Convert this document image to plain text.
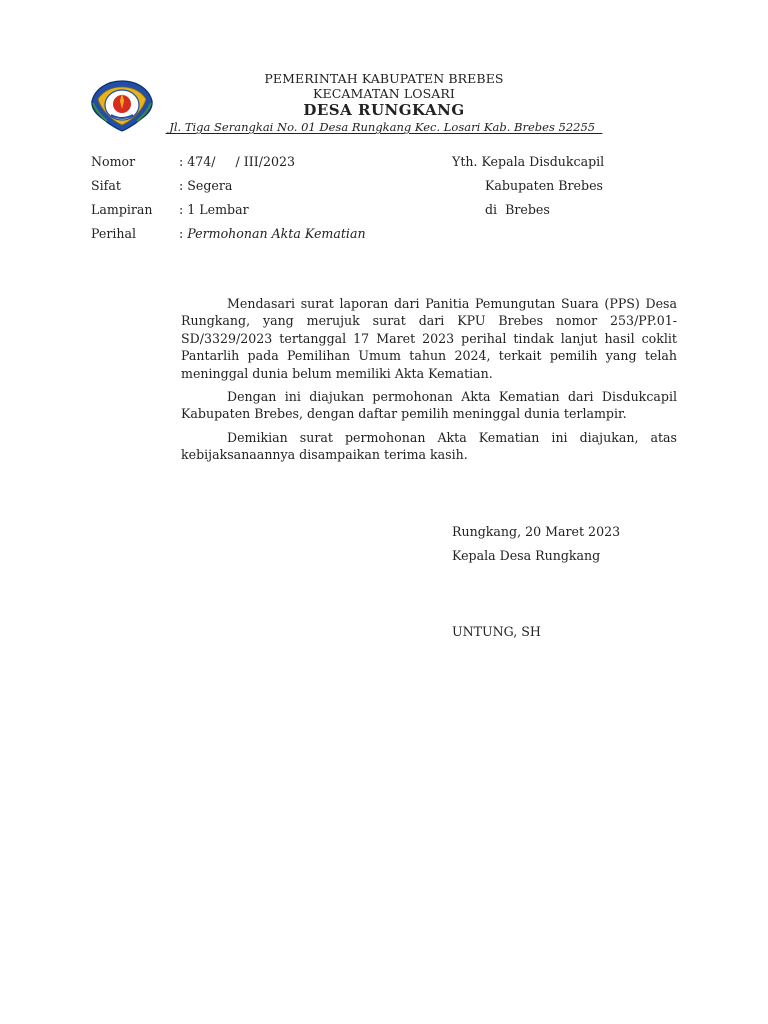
PEMERINTAH KABUPATEN BREBES
KECAMATAN LOSARI
DESA RUNGKANG
Jl. Tiga Serangkai No. 01 Desa Rungkang Kec. Losari Kab. Brebes 52255
Nomor	: 474/     / III/2023
Sifat	: Segera
Lampiran	: 1 Lembar
Perihal	: Permohonan Akta Kematian
Yth. Kepala Disdukcapil
Kabupaten Brebes
di  Brebes

Mendasari surat laporan dari Panitia Pemungutan Suara (PPS) Desa Rungkang, yang merujuk surat dari KPU Brebes nomor 253/PP.01-SD/3329/2023 tertanggal 17 Maret 2023 perihal tindak lanjut hasil coklit Pantarlih pada Pemilihan Umum tahun 2024, terkait pemilih yang telah meninggal dunia belum memiliki Akta Kematian.

Dengan ini diajukan permohonan Akta Kematian dari Disdukcapil Kabupaten Brebes, dengan daftar pemilih meninggal dunia terlampir.

Demikian surat permohonan Akta Kematian ini diajukan, atas kebijaksanaannya disampaikan terima kasih.

Rungkang, 20 Maret 2023
Kepala Desa Rungkang
UNTUNG, SH
